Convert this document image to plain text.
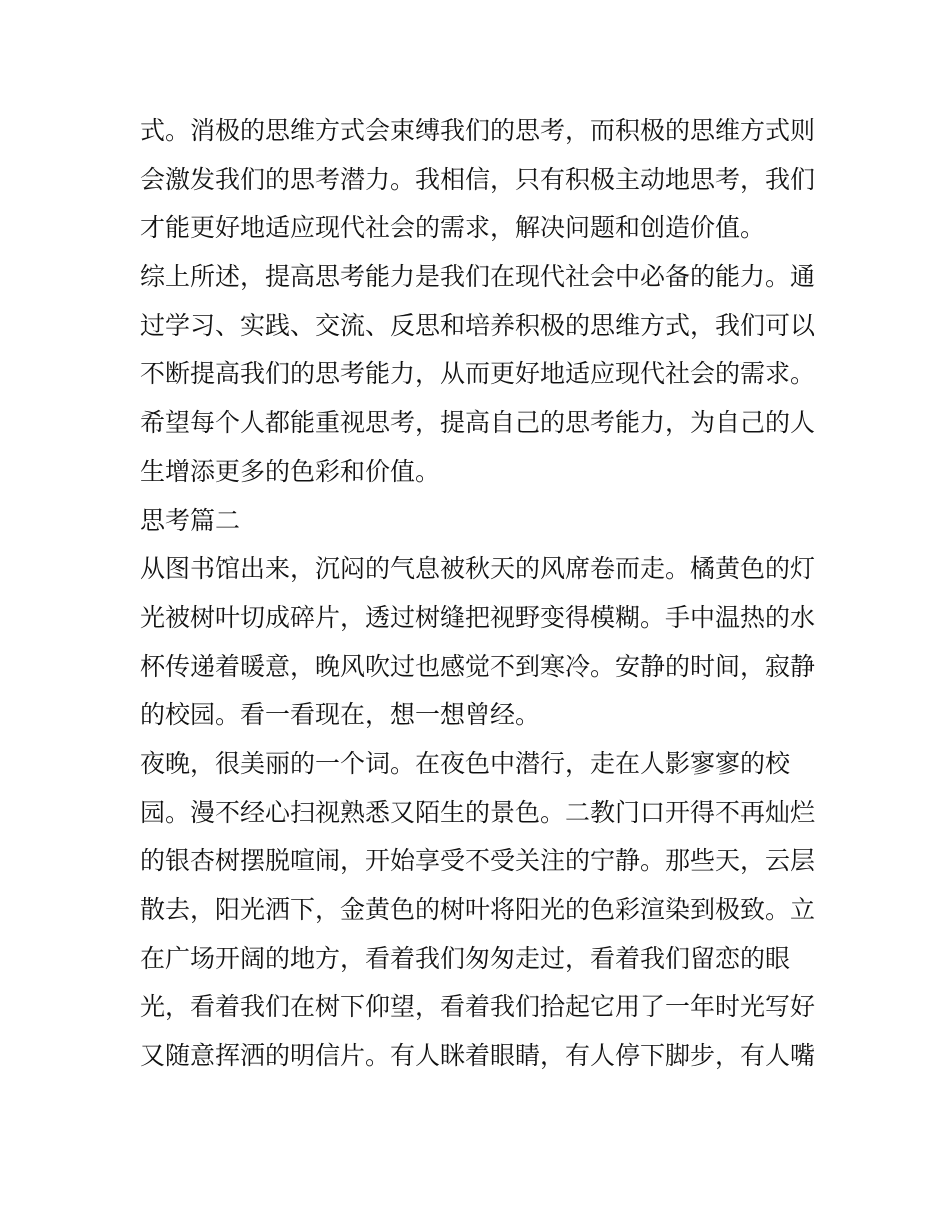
式。消极的思维方式会束缚我们的思考，而积极的思维方式则
会激发我们的思考潜力。我相信，只有积极主动地思考，我们
才能更好地适应现代社会的需求，解决问题和创造价值。
综上所述，提高思考能力是我们在现代社会中必备的能力。通
过学习、实践、交流、反思和培养积极的思维方式，我们可以
不断提高我们的思考能力，从而更好地适应现代社会的需求。
希望每个人都能重视思考，提高自己的思考能力，为自己的人
生增添更多的色彩和价值。
思考篇二
从图书馆出来，沉闷的气息被秋天的风席卷而走。橘黄色的灯
光被树叶切成碎片，透过树缝把视野变得模糊。手中温热的水
杯传递着暖意，晚风吹过也感觉不到寒冷。安静的时间，寂静
的校园。看一看现在，想一想曾经。
夜晚，很美丽的一个词。在夜色中潜行，走在人影寥寥的校
园。漫不经心扫视熟悉又陌生的景色。二教门口开得不再灿烂
的银杏树摆脱喧闹，开始享受不受关注的宁静。那些天，云层
散去，阳光洒下，金黄色的树叶将阳光的色彩渲染到极致。立
在广场开阔的地方，看着我们匆匆走过，看着我们留恋的眼
光，看着我们在树下仰望，看着我们拾起它用了一年时光写好
又随意挥洒的明信片。有人眯着眼睛，有人停下脚步，有人嘴
